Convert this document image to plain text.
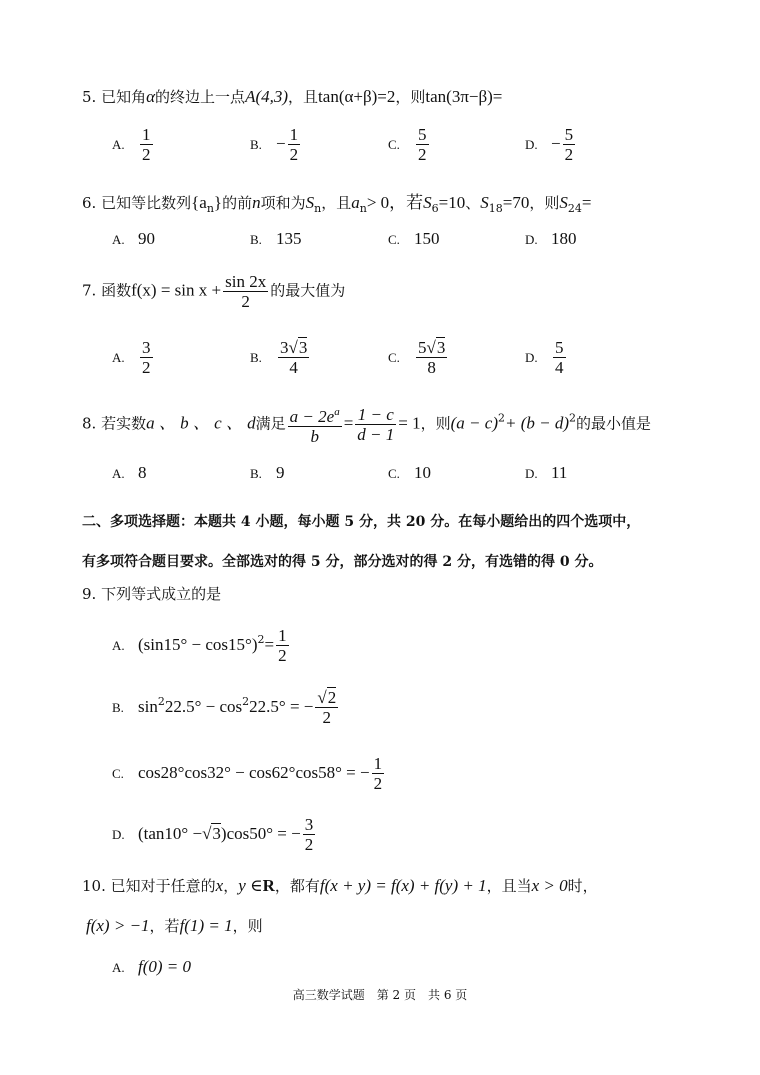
5. 已知角α的终边上一点A(4,3)，且tan(α+β)=2，则tan(3π−β)=
A. $\frac{1}{2}$	B. − $\frac{1}{2}$	C. $\frac{5}{2}$	D. − $\frac{5}{2}$
6. 已知等比数列$\{a_n\}$的前n项和为$S_n$，且$a_n> 0$，若$S_6=10$、$S_{18}=70$，则$S_{24}=$
A. 90	B. 135	C. 150	D. 180
7. 函数$f(x) = \sin x + \frac{\sin 2x}{2}$ 的最大值为
A. $\frac{3}{2}$	B. $\frac{3√3}{4}$	C. $\frac{5√3}{8}$	D. $\frac{5}{4}$
8. 若实数a 、 b 、 c 、 d满足 $\frac{a - 2e^a}{b} = \frac{1 - c}{d - 1} = 1$，则$(a - c)^2+ (b - d)^2$的最小值是
A. 8	B. 9	C. 10	D. 11
二、多项选择题：本题共 4 小题，每小题 5 分，共 20 分。在每小题给出的四个选项中，
有多项符合题目要求。全部选对的得 5 分，部分选对的得 2 分，有选错的得 0 分。
9. 下列等式成立的是
A. $(\sin 15^\circ - \cos 15^\circ)^2= \frac{1}{2}$
B. $\sin^222.5^\circ - \cos^222.5^\circ$ = − $\frac{√2}{2}$
C. cos28°cos32° − cos62°cos58° = − $\frac{1}{2}$
D. (tan10° −√3)cos50° = − $\frac{3}{2}$
10. 已知对于任意的x，y ∈R，都有f(x + y) = f(x) + f(y) + 1，且当x > 0时，
f(x) > −1，若f(1) = 1，则
A. f(0) = 0
高三数学试题　第 2 页　共 6 页
